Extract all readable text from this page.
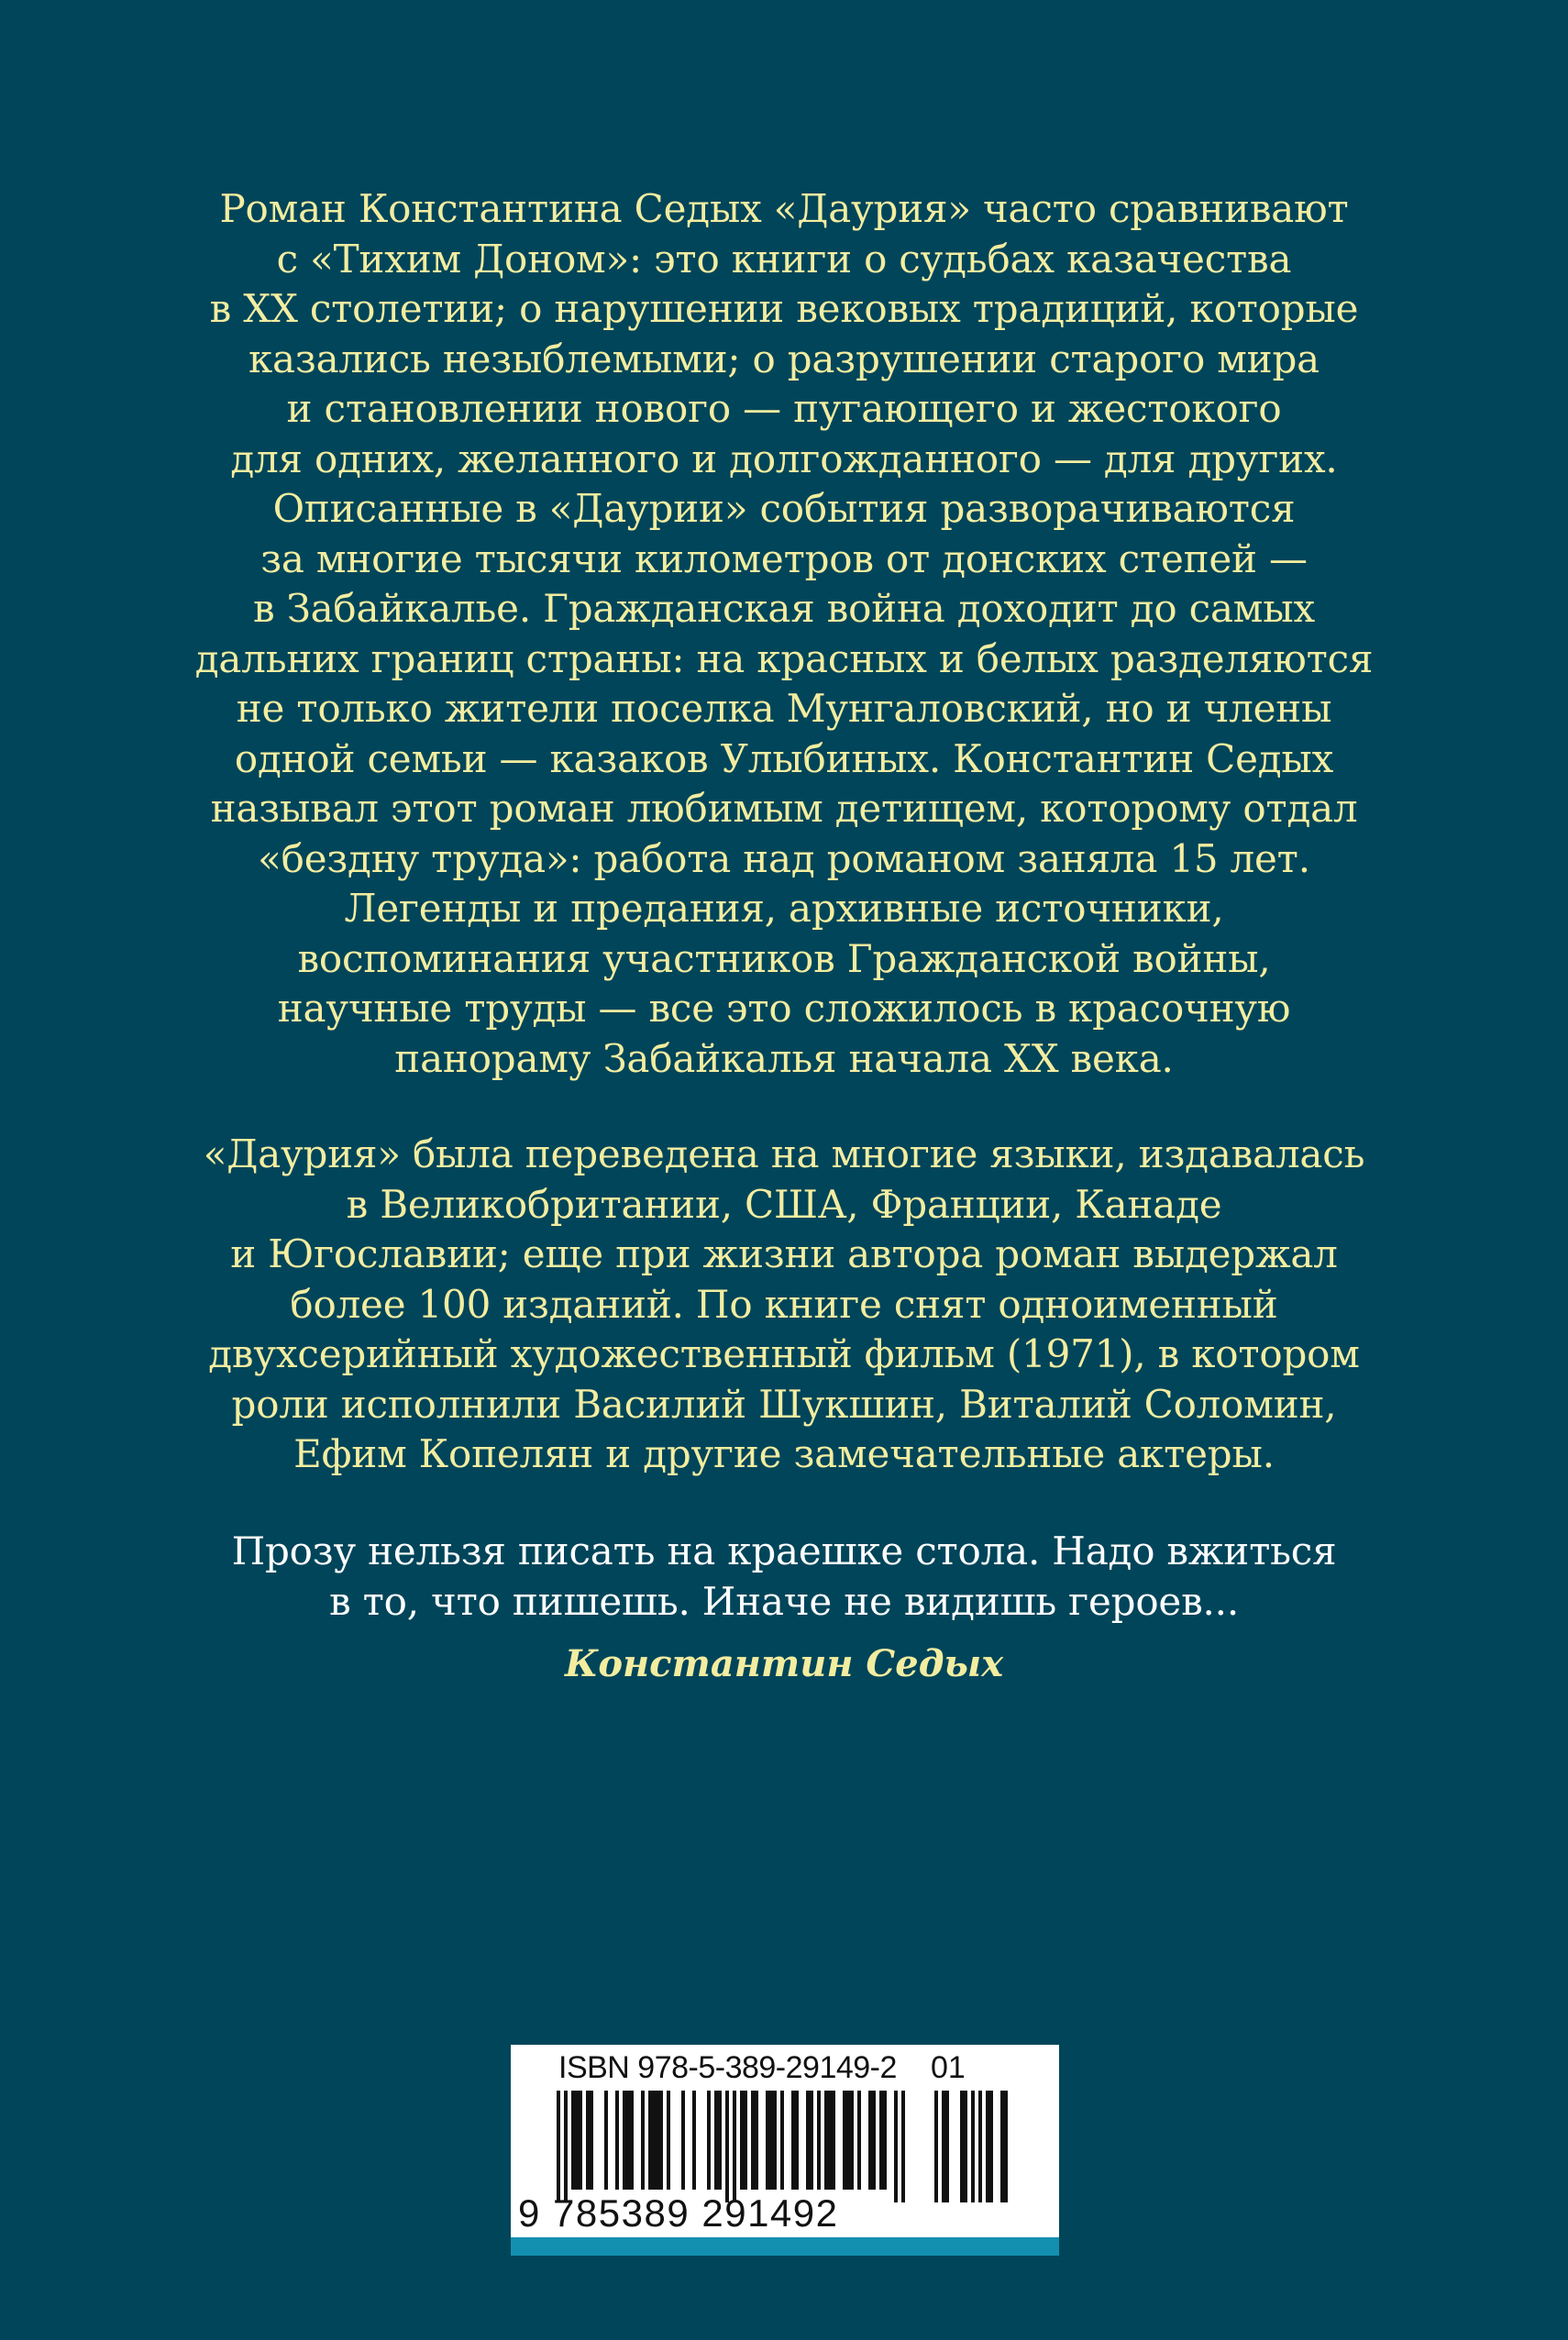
Роман Константина Седых «Даурия» часто сравнивают
с «Тихим Доном»: это книги о судьбах казачества
в XX столетии; о нарушении вековых традиций, которые
казались незыблемыми; о разрушении старого мира
и становлении нового — пугающего и жестокого
для одних, желанного и долгожданного — для других.
Описанные в «Даурии» события разворачиваются
за многие тысячи километров от донских степей —
в Забайкалье. Гражданская война доходит до самых
дальних границ страны: на красных и белых разделяются
не только жители поселка Мунгаловский, но и члены
одной семьи — казаков Улыбиных. Константин Седых
называл этот роман любимым детищем, которому отдал
«бездну труда»: работа над романом заняла 15 лет.
Легенды и предания, архивные источники,
воспоминания участников Гражданской войны,
научные труды — все это сложилось в красочную
панораму Забайкалья начала XX века.
«Даурия» была переведена на многие языки, издавалась
в Великобритании, США, Франции, Канаде
и Югославии; еще при жизни автора роман выдержал
более 100 изданий. По книге снят одноименный
двухсерийный художественный фильм (1971), в котором
роли исполнили Василий Шукшин, Виталий Соломин,
Ефим Копелян и другие замечательные актеры.
Прозу нельзя писать на краешке стола. Надо вжиться
в то, что пишешь. Иначе не видишь героев...
Константин Седых
ISBN 978-5-389-29149-2 01
9 785389 291492
